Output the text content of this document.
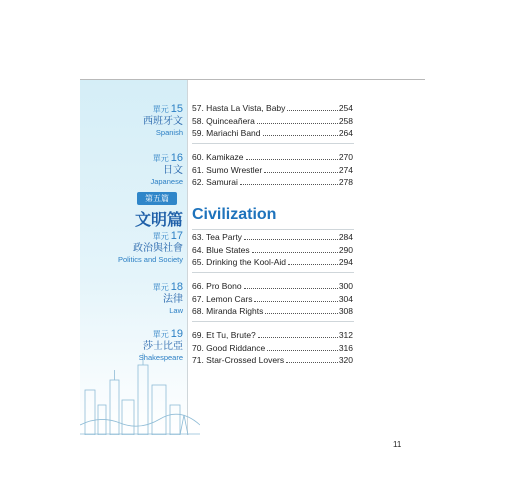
單元 15
西班牙文
Spanish
單元 16
日文
Japanese
單元 17
政治與社會
Politics and Society
單元 18
法律
Law
單元 19
莎士比亞
Shakespeare
第五篇
文明篇 Civilization
57. Hasta La Vista, Baby	254
58. Quinceañera	258
59. Mariachi Band	264
60. Kamikaze	270
61. Sumo Wrestler	274
62. Samurai	278
63. Tea Party	284
64. Blue States	290
65. Drinking the Kool-Aid	294
66. Pro Bono	300
67. Lemon Cars	304
68. Miranda Rights	308
69. Et Tu, Brute?	312
70. Good Riddance	316
71. Star-Crossed Lovers	320
11
